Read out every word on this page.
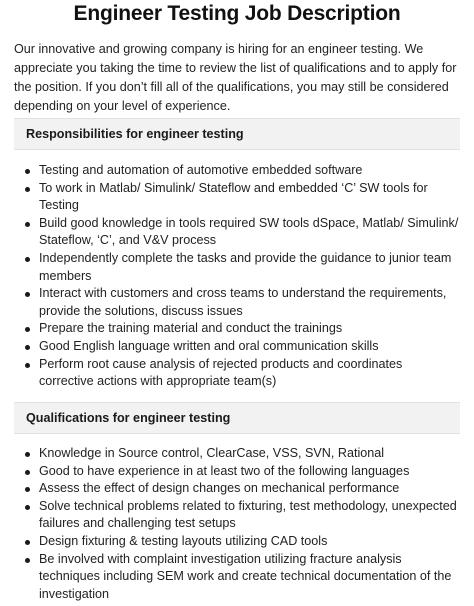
Engineer Testing Job Description

Our innovative and growing company is hiring for an engineer testing. We appreciate you taking the time to review the list of qualifications and to apply for the position. If you don’t fill all of the qualifications, you may still be considered depending on your level of experience.

Responsibilities for engineer testing
Testing and automation of automotive embedded software
To work in Matlab/ Simulink/ Stateflow and embedded ‘C’ SW tools for Testing
Build good knowledge in tools required SW tools dSpace, Matlab/ Simulink/ Stateflow, ‘C’, and V&V process
Independently complete the tasks and provide the guidance to junior team members
Interact with customers and cross teams to understand the requirements, provide the solutions, discuss issues
Prepare the training material and conduct the trainings
Good English language written and oral communication skills
Perform root cause analysis of rejected products and coordinates corrective actions with appropriate team(s)
Qualifications for engineer testing
Knowledge in Source control, ClearCase, VSS, SVN, Rational
Good to have experience in at least two of the following languages
Assess the effect of design changes on mechanical performance
Solve technical problems related to fixturing, test methodology, unexpected failures and challenging test setups
Design fixturing & testing layouts utilizing CAD tools
Be involved with complaint investigation utilizing fracture analysis techniques including SEM work and create technical documentation of the investigation
